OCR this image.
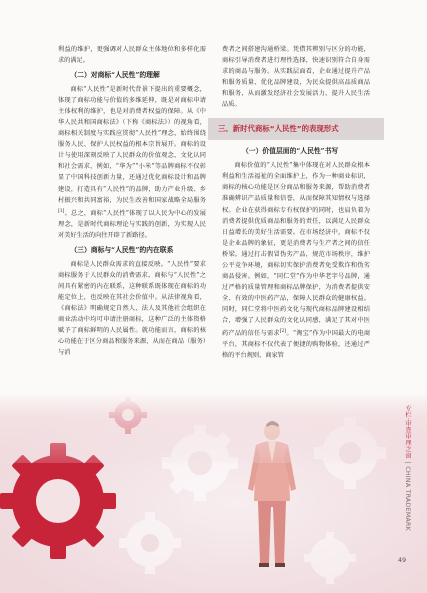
利益的维护，更强调对人民群众主体地位和多样化需求的满足。

（二）对商标“人民性”的理解

商标“人民性”是新时代背景下提出的重要概念，体现了商标功能与价值的多维延伸，既是对商标申请主体权利的维护，也是对消费者权益的保障。从《中华人民共和国商标法》（下称《商标法》）的视角看，商标相关制度与实践应贯彻“人民性”理念，始终围绕服务人民、保护人民权益的根本宗旨展开。商标的设计与使用深刻反映了人民群众的价值观念、文化认同和社会需求，例如，“华为”“小米”等品牌商标不仅彰显了中国科技创新力量，还通过优化商标设计和品牌建设，打造具有“人民性”的品牌，助力产业升级、乡村振兴和共同富裕，为民生改善和国家战略全局服务[1]。总之，商标“人民性”体现了以人民为中心的发展理念，是新时代商标理论与实践的创新，为实现人民对美好生活的向往开辟了新路径。

（三）商标与“人民性”的内在联系

商标是人民群众需求的直接反映。“人民性”要求商标服务于人民群众的消费需求。商标与“人民性”之间具有紧密的内在联系，这种联系既体现在商标的功能定位上，也反映在其社会价值中。从法律视角看，《商标法》明确规定自然人、法人及其他社会组织在商业活动中均可申请注册商标，这种广泛的主体资格赋予了商标鲜明的人民属性。就功能而言，商标的核心功能在于区分商品和服务来源，从而在商品（服务）与消

费者之间搭建沟通桥梁。凭借其辨别与区分的功能，商标引导消费者进行理性选择，快速识别符合自身需求的商品与服务。从实践层面看，企业通过提升产品和服务质量、优化品牌建设，为民众提供高品质商品和服务，从而激发经济社会发展活力，提升人民生活品质。

三、新时代商标“人民性”的表现形式

（一）价值层面的“人民性”书写

商标价值的“人民性”集中体现在对人民群众根本利益和生活福祉的全面维护上，作为一种商业标识，商标的核心功能是区分商品和服务来源，帮助消费者准确辨识产品质量和信誉，从而保障其知情权与选择权。企业在获得商标专有权保护的同时，也肩负着为消费者提供优质商品和服务的责任，以满足人民群众日益增长的美好生活需要。在市场经济中，商标不仅是企业品牌的象征，更是消费者与生产者之间的信任桥梁。通过打击假冒伪劣产品，规范市场秩序，维护公平竞争环境，商标切实保护消费者免受欺诈和伪劣商品侵害。例如，“同仁堂”作为中华老字号品牌，通过严格的质量管理和商标品牌保护，为消费者提供安全、有效的中医药产品，保障人民群众的健康权益。同时，同仁堂将中医药文化与现代商标品牌建设相结合，增强了人民群众的文化认同感，满足了其对中医药产品的信任与需求[2]。“淘宝”作为中国最大的电商平台，其商标不仅代表了便捷的购物体验，还通过严格的平台规则，商家管

专栏·审查审理之窗 | CHINA TRADEMARK
49
